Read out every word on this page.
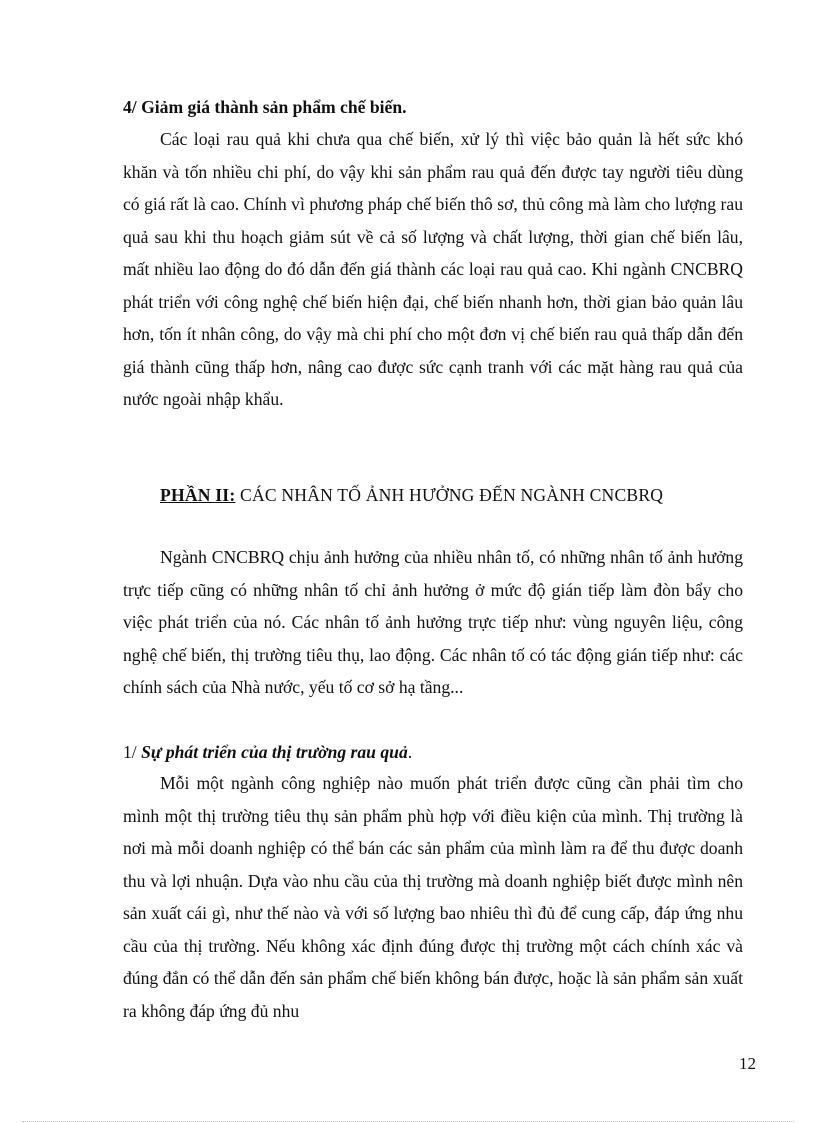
4/ Giảm giá thành sản phẩm chế biến.

Các loại rau quả khi chưa qua chế biến, xử lý thì việc bảo quản là hết sức khó khăn và tốn nhiều chi phí, do vậy khi sản phẩm rau quả đến được tay người tiêu dùng có giá rất là cao. Chính vì phương pháp chế biến thô sơ, thủ công mà làm cho lượng rau quả sau khi thu hoạch giảm sút về cả số lượng và chất lượng, thời gian chế biến lâu, mất nhiều lao động do đó dẫn đến giá thành các loại rau quả cao. Khi ngành CNCBRQ phát triển với công nghệ chế biến hiện đại, chế biến nhanh hơn, thời gian bảo quản lâu hơn, tốn ít nhân công, do vậy mà chi phí cho một đơn vị chế biến rau quả thấp dẫn đến giá thành cũng thấp hơn, nâng cao được sức cạnh tranh với các mặt hàng rau quả của nước ngoài nhập khẩu.

PHẦN II: CÁC NHÂN TỐ ẢNH HƯỞNG ĐẾN NGÀNH CNCBRQ

Ngành CNCBRQ chịu ảnh hưởng của nhiều nhân tố, có những nhân tố ảnh hưởng trực tiếp cũng có những nhân tố chỉ ảnh hưởng ở mức độ gián tiếp làm đòn bẩy cho việc phát triển của nó. Các nhân tố ảnh hưởng trực tiếp như: vùng nguyên liệu, công nghệ chế biến, thị trường tiêu thụ, lao động. Các nhân tố có tác động gián tiếp như: các chính sách của Nhà nước, yếu tố cơ sở hạ tầng...

1/ Sự phát triển của thị trường rau quả.

Mỗi một ngành công nghiệp nào muốn phát triển được cũng cần phải tìm cho mình một thị trường tiêu thụ sản phẩm phù hợp với điều kiện của mình. Thị trường là nơi mà mỗi doanh nghiệp có thể bán các sản phẩm của mình làm ra để thu được doanh thu và lợi nhuận. Dựa vào nhu cầu của thị trường mà doanh nghiệp biết được mình nên sản xuất cái gì, như thế nào và với số lượng bao nhiêu thì đủ để cung cấp, đáp ứng nhu cầu của thị trường. Nếu không xác định đúng được thị trường một cách chính xác và đúng đắn có thể dẫn đến sản phẩm chế biến không bán được, hoặc là sản phẩm sản xuất ra không đáp ứng đủ nhu

12
